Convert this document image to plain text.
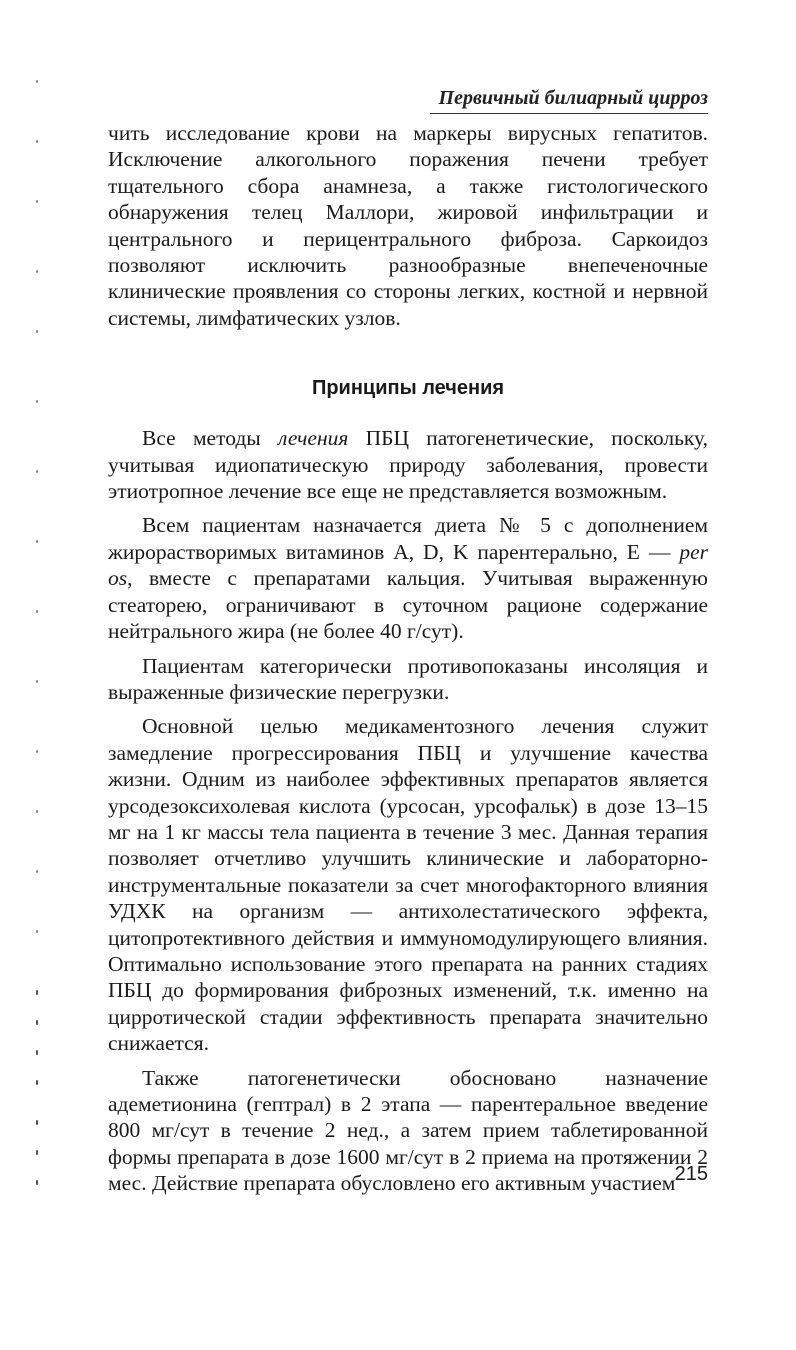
Первичный билиарный цирроз

чить исследование крови на маркеры вирусных гепатитов. Исключение алкогольного поражения печени требует тщательного сбора анамнеза, а также гистологического обнаружения телец Маллори, жировой инфильтрации и центрального и перицентрального фиброза. Саркоидоз позволяют исключить разнообразные внепеченочные клинические проявления со стороны легких, костной и нервной системы, лимфатических узлов.

Принципы лечения

Все методы лечения ПБЦ патогенетические, поскольку, учитывая идиопатическую природу заболевания, провести этиотропное лечение все еще не представляется возможным.

Всем пациентам назначается диета № 5 с дополнением жирорастворимых витаминов A, D, K парентерально, E — per os, вместе с препаратами кальция. Учитывая выраженную стеаторею, ограничивают в суточном рационе содержание нейтрального жира (не более 40 г/сут).

Пациентам категорически противопоказаны инсоляция и выраженные физические перегрузки.

Основной целью медикаментозного лечения служит замедление прогрессирования ПБЦ и улучшение качества жизни. Одним из наиболее эффективных препаратов является урсодезоксихолевая кислота (урсосан, урсофальк) в дозе 13–15 мг на 1 кг массы тела пациента в течение 3 мес. Данная терапия позволяет отчетливо улучшить клинические и лабораторно-инструментальные показатели за счет многофакторного влияния УДХК на организм — антихолестатического эффекта, цитопротективного действия и иммуномодулирующего влияния. Оптимально использование этого препарата на ранних стадиях ПБЦ до формирования фиброзных изменений, т.к. именно на цирротической стадии эффективность препарата значительно снижается.

Также патогенетически обосновано назначение адеметионина (гептрал) в 2 этапа — парентеральное введение 800 мг/сут в течение 2 нед., а затем прием таблетированной формы препарата в дозе 1600 мг/сут в 2 приема на протяжении 2 мес. Действие препарата обусловлено его активным участием 215
